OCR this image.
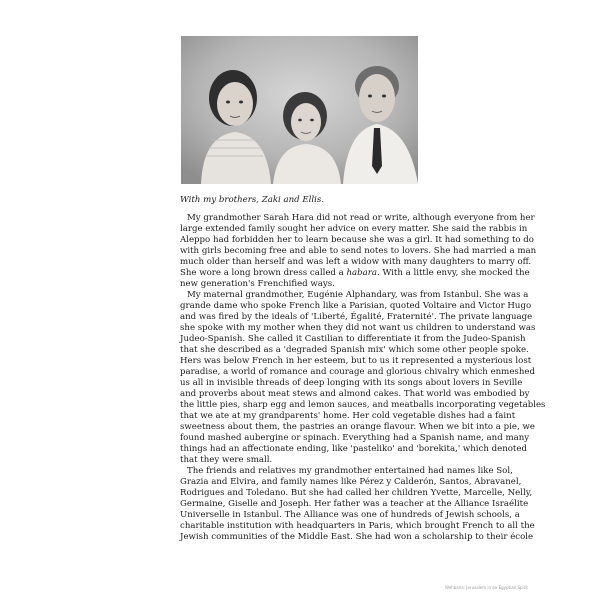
With my brothers, Zaki and Ellis.

My grandmother Sarah Hara did not read or write, although everyone from her
large extended family sought her advice on every matter. She said the rabbis in
Aleppo had forbidden her to learn because she was a girl. It had something to do
with girls becoming free and able to send notes to lovers. She had married a man
much older than herself and was left a widow with many daughters to marry off.
She wore a long brown dress called a habara. With a little envy, she mocked the
new generation's Frenchified ways.

My maternal grandmother, Eugénie Alphandary, was from Istanbul. She was a
grande dame who spoke French like a Parisian, quoted Voltaire and Victor Hugo
and was fired by the ideals of 'Liberté, Égalité, Fraternité'. The private language
she spoke with my mother when they did not want us children to understand was
Judeo-Spanish. She called it Castilian to differentiate it from the Judeo-Spanish
that she described as a 'degraded Spanish mix' which some other people spoke.
Hers was below French in her esteem, but to us it represented a mysterious lost
paradise, a world of romance and courage and glorious chivalry which enmeshed
us all in invisible threads of deep longing with its songs about lovers in Seville
and proverbs about meat stews and almond cakes. That world was embodied by
the little pies, sharp egg and lemon sauces, and meatballs incorporating vegetables
that we ate at my grandparents' home. Her cold vegetable dishes had a faint
sweetness about them, the pastries an orange flavour. When we bit into a pie, we
found mashed aubergine or spinach. Everything had a Spanish name, and many
things had an affectionate ending, like 'pasteliko' and 'borekita,' which denoted
that they were small.

The friends and relatives my grandmother entertained had names like Sol,
Grazia and Elvira, and family names like Pérez y Calderón, Santos, Abravanel,
Rodrigues and Toledano. But she had called her children Yvette, Marcelle, Nelly,
Germaine, Giselle and Joseph. Her father was a teacher at the Alliance Israélite
Universelle in Istanbul. The Alliance was one of hundreds of Jewish schools, a
charitable institution with headquarters in Paris, which brought French to all the
Jewish communities of the Middle East. She had won a scholarship to their école

Wehbana: Jerusalem in an Egyptian Spirit
